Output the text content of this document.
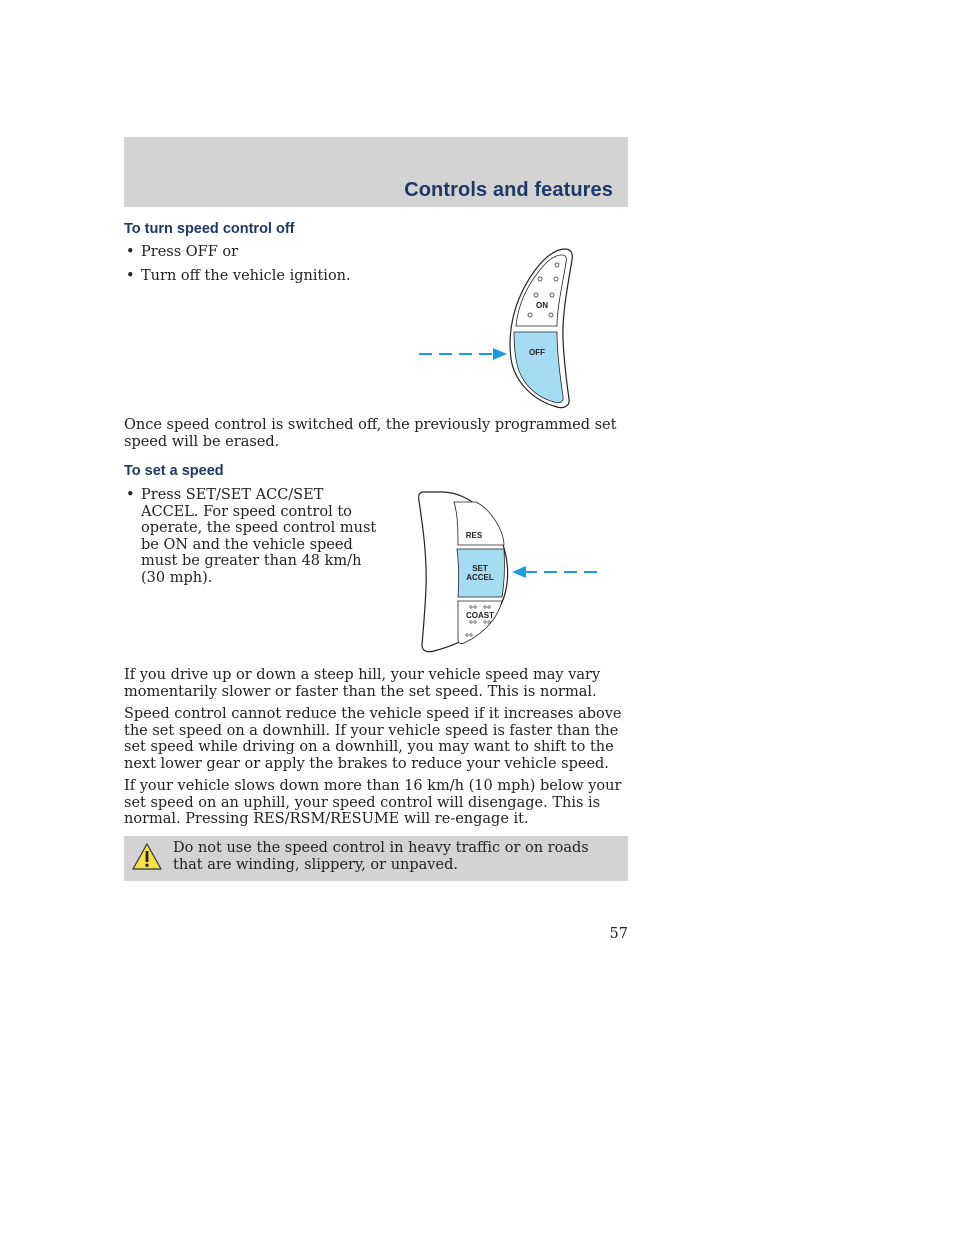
Controls and features
To turn speed control off
• Press OFF or
• Turn off the vehicle ignition.
ON
OFF

Once speed control is switched off, the previously programmed set speed will be erased.

To set a speed
• Press SET/SET ACC/SET ACCEL. For speed control to operate, the speed control must be ON and the vehicle speed must be greater than 48 km/h (30 mph).
RES
SET
ACCEL
COAST

If you drive up or down a steep hill, your vehicle speed may vary momentarily slower or faster than the set speed. This is normal.

Speed control cannot reduce the vehicle speed if it increases above the set speed on a downhill. If your vehicle speed is faster than the set speed while driving on a downhill, you may want to shift to the next lower gear or apply the brakes to reduce your vehicle speed.

If your vehicle slows down more than 16 km/h (10 mph) below your set speed on an uphill, your speed control will disengage. This is normal. Pressing RES/RSM/RESUME will re-engage it.

Do not use the speed control in heavy traffic or on roads that are winding, slippery, or unpaved.

57
